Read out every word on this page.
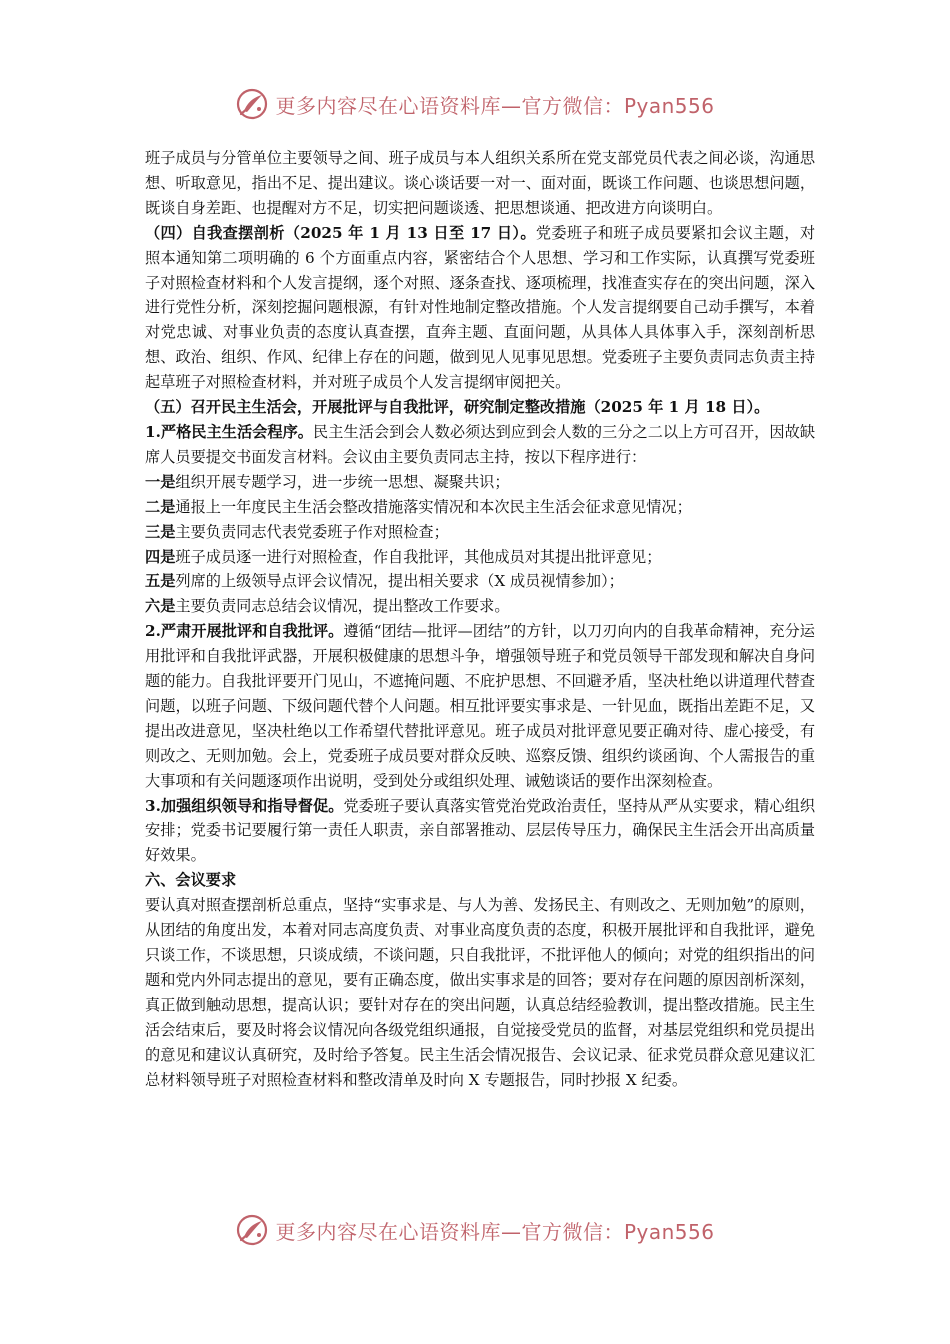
更多内容尽在心语资料库—官方微信：Pyan556

班子成员与分管单位主要领导之间、班子成员与本人组织关系所在党支部党员代表之间必谈，沟通思想、听取意见，指出不足、提出建议。谈心谈话要一对一、面对面，既谈工作问题、也谈思想问题，既谈自身差距、也提醒对方不足，切实把问题谈透、把思想谈通、把改进方向谈明白。

（四）自我查摆剖析（2025 年 1 月 13 日至 17 日）。党委班子和班子成员要紧扣会议主题，对照本通知第二项明确的 6 个方面重点内容，紧密结合个人思想、学习和工作实际，认真撰写党委班子对照检查材料和个人发言提纲，逐个对照、逐条查找、逐项梳理，找准查实存在的突出问题，深入进行党性分析，深刻挖掘问题根源，有针对性地制定整改措施。个人发言提纲要自己动手撰写，本着对党忠诚、对事业负责的态度认真查摆，直奔主题、直面问题，从具体人具体事入手，深刻剖析思想、政治、组织、作风、纪律上存在的问题，做到见人见事见思想。党委班子主要负责同志负责主持起草班子对照检查材料，并对班子成员个人发言提纲审阅把关。

（五）召开民主生活会，开展批评与自我批评，研究制定整改措施（2025 年 1 月 18 日）。

1.严格民主生活会程序。民主生活会到会人数必须达到应到会人数的三分之二以上方可召开，因故缺席人员要提交书面发言材料。会议由主要负责同志主持，按以下程序进行：

一是组织开展专题学习，进一步统一思想、凝聚共识；

二是通报上一年度民主生活会整改措施落实情况和本次民主生活会征求意见情况；

三是主要负责同志代表党委班子作对照检查；

四是班子成员逐一进行对照检查，作自我批评，其他成员对其提出批评意见；

五是列席的上级领导点评会议情况，提出相关要求（X 成员视情参加）；

六是主要负责同志总结会议情况，提出整改工作要求。

2.严肃开展批评和自我批评。遵循“团结—批评—团结”的方针，以刀刃向内的自我革命精神，充分运用批评和自我批评武器，开展积极健康的思想斗争，增强领导班子和党员领导干部发现和解决自身问题的能力。自我批评要开门见山，不遮掩问题、不庇护思想、不回避矛盾，坚决杜绝以讲道理代替查问题，以班子问题、下级问题代替个人问题。相互批评要实事求是、一针见血，既指出差距不足，又提出改进意见，坚决杜绝以工作希望代替批评意见。班子成员对批评意见要正确对待、虚心接受，有则改之、无则加勉。会上，党委班子成员要对群众反映、巡察反馈、组织约谈函询、个人需报告的重大事项和有关问题逐项作出说明，受到处分或组织处理、诫勉谈话的要作出深刻检查。

3.加强组织领导和指导督促。党委班子要认真落实管党治党政治责任，坚持从严从实要求，精心组织安排；党委书记要履行第一责任人职责，亲自部署推动、层层传导压力，确保民主生活会开出高质量好效果。

六、会议要求

要认真对照查摆剖析总重点，坚持“实事求是、与人为善、发扬民主、有则改之、无则加勉”的原则，从团结的角度出发，本着对同志高度负责、对事业高度负责的态度，积极开展批评和自我批评，避免只谈工作，不谈思想，只谈成绩，不谈问题，只自我批评，不批评他人的倾向；对党的组织指出的问题和党内外同志提出的意见，要有正确态度，做出实事求是的回答；要对存在问题的原因剖析深刻，真正做到触动思想，提高认识；要针对存在的突出问题，认真总结经验教训，提出整改措施。民主生活会结束后，要及时将会议情况向各级党组织通报，自觉接受党员的监督，对基层党组织和党员提出的意见和建议认真研究，及时给予答复。民主生活会情况报告、会议记录、征求党员群众意见建议汇总材料领导班子对照检查材料和整改清单及时向 X 专题报告，同时抄报 X 纪委。

更多内容尽在心语资料库—官方微信：Pyan556
